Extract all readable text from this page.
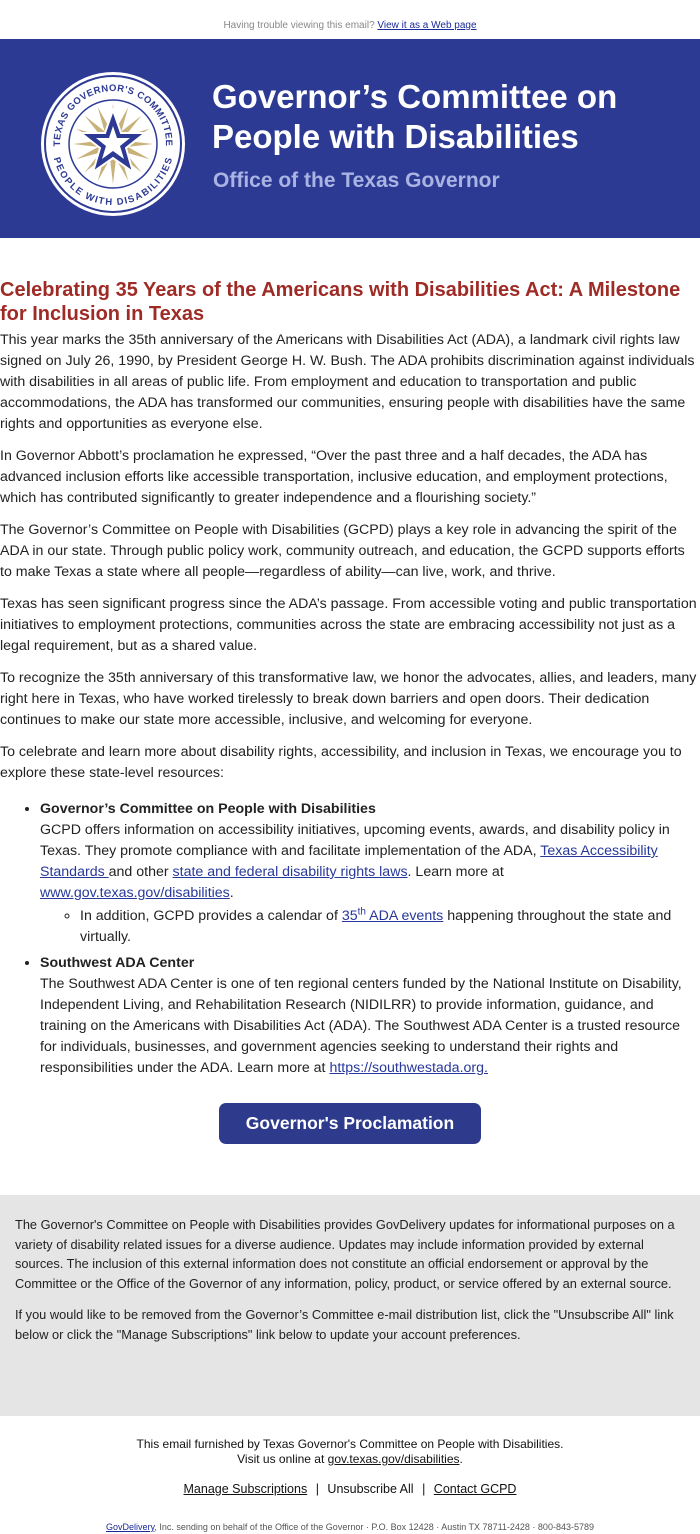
Having trouble viewing this email? View it as a Web page
TEXAS GOVERNOR'S COMMITTEE
PEOPLE WITH DISABILITIES
Governor’s Committee on
People with Disabilities
Office of the Texas Governor
Celebrating 35 Years of the Americans with Disabilities Act: A Milestone for Inclusion in Texas

This year marks the 35th anniversary of the Americans with Disabilities Act (ADA), a landmark civil rights law signed on July 26, 1990, by President George H. W. Bush. The ADA prohibits discrimination against individuals with disabilities in all areas of public life. From employment and education to transportation and public accommodations, the ADA has transformed our communities, ensuring people with disabilities have the same rights and opportunities as everyone else.

In Governor Abbott’s proclamation he expressed, “Over the past three and a half decades, the ADA has advanced inclusion efforts like accessible transportation, inclusive education, and employment protections, which has contributed significantly to greater independence and a flourishing society.”

The Governor’s Committee on People with Disabilities (GCPD) plays a key role in advancing the spirit of the ADA in our state. Through public policy work, community outreach, and education, the GCPD supports efforts to make Texas a state where all people—regardless of ability—can live, work, and thrive.

Texas has seen significant progress since the ADA’s passage. From accessible voting and public transportation initiatives to employment protections, communities across the state are embracing accessibility not just as a legal requirement, but as a shared value.

To recognize the 35th anniversary of this transformative law, we honor the advocates, allies, and leaders, many right here in Texas, who have worked tirelessly to break down barriers and open doors. Their dedication continues to make our state more accessible, inclusive, and welcoming for everyone.

To celebrate and learn more about disability rights, accessibility, and inclusion in Texas, we encourage you to explore these state-level resources:

• Governor’s Committee on People with Disabilities
GCPD offers information on accessibility initiatives, upcoming events, awards, and disability policy in Texas. They promote compliance with and facilitate implementation of the ADA, Texas Accessibility Standards and other state and federal disability rights laws. Learn more at www.gov.texas.gov/disabilities.
◦ In addition, GCPD provides a calendar of 35th ADA events happening throughout the state and virtually.
• Southwest ADA Center
The Southwest ADA Center is one of ten regional centers funded by the National Institute on Disability, Independent Living, and Rehabilitation Research (NIDILRR) to provide information, guidance, and training on the Americans with Disabilities Act (ADA). The Southwest ADA Center is a trusted resource for individuals, businesses, and government agencies seeking to understand their rights and responsibilities under the ADA. Learn more at https://southwestada.org.
Governor's Proclamation

The Governor's Committee on People with Disabilities provides GovDelivery updates for informational purposes on a variety of disability related issues for a diverse audience. Updates may include information provided by external sources. The inclusion of this external information does not constitute an official endorsement or approval by the Committee or the Office of the Governor of any information, policy, product, or service offered by an external source.

If you would like to be removed from the Governor’s Committee e-mail distribution list, click the "Unsubscribe All" link below or click the "Manage Subscriptions" link below to update your account preferences.

This email furnished by Texas Governor's Committee on People with Disabilities.
Visit us online at gov.texas.gov/disabilities.
Manage Subscriptions | Unsubscribe All | Contact GCPD
GovDelivery, Inc. sending on behalf of the Office of the Governor · P.O. Box 12428 · Austin TX 78711-2428 · 800-843-5789
